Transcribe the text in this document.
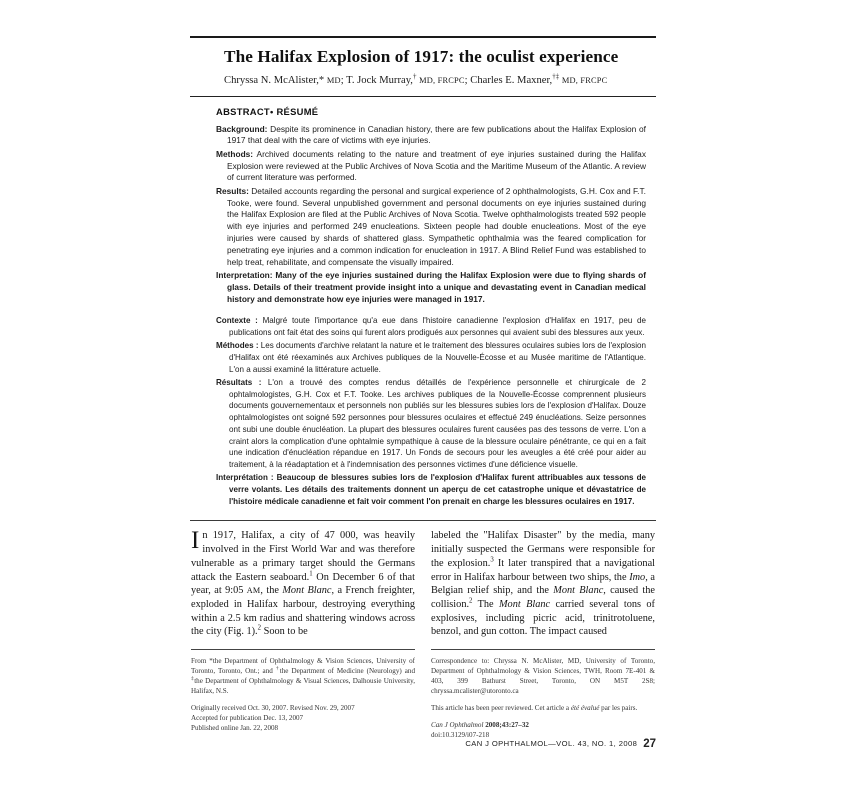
The Halifax Explosion of 1917: the oculist experience
Chryssa N. McAlister,* MD; T. Jock Murray,† MD, FRCPC; Charles E. Maxner,†‡ MD, FRCPC
ABSTRACT• RÉSUMÉ

Background: Despite its prominence in Canadian history, there are few publications about the Halifax Explosion of 1917 that deal with the care of victims with eye injuries.

Methods: Archived documents relating to the nature and treatment of eye injuries sustained during the Halifax Explosion were reviewed at the Public Archives of Nova Scotia and the Maritime Museum of the Atlantic. A review of current literature was performed.

Results: Detailed accounts regarding the personal and surgical experience of 2 ophthalmologists, G.H. Cox and F.T. Tooke, were found. Several unpublished government and personal documents on eye injuries sustained during the Halifax Explosion are filed at the Public Archives of Nova Scotia. Twelve ophthalmologists treated 592 people with eye injuries and performed 249 enucleations. Sixteen people had double enucleations. Most of the eye injuries were caused by shards of shattered glass. Sympathetic ophthalmia was the feared complication for penetrating eye injuries and a common indication for enucleation in 1917. A Blind Relief Fund was established to help treat, rehabilitate, and compensate the visually impaired.

Interpretation: Many of the eye injuries sustained during the Halifax Explosion were due to flying shards of glass. Details of their treatment provide insight into a unique and devastating event in Canadian medical history and demonstrate how eye injuries were managed in 1917.

Contexte : Malgré toute l'importance qu'a eue dans l'histoire canadienne l'explosion d'Halifax en 1917, peu de publications ont fait état des soins qui furent alors prodigués aux personnes qui avaient subi des blessures aux yeux.

Méthodes : Les documents d'archive relatant la nature et le traitement des blessures oculaires subies lors de l'explosion d'Halifax ont été réexaminés aux Archives publiques de la Nouvelle-Écosse et au Musée maritime de l'Atlantique. L'on a aussi examiné la littérature actuelle.

Résultats : L'on a trouvé des comptes rendus détaillés de l'expérience personnelle et chirurgicale de 2 ophtalmologistes, G.H. Cox et F.T. Tooke. Les archives publiques de la Nouvelle-Écosse comprennent plusieurs documents gouvernementaux et personnels non publiés sur les blessures subies lors de l'explosion d'Halifax. Douze ophtalmologistes ont soigné 592 personnes pour blessures oculaires et effectué 249 énucléations. Seize personnes ont subi une double énucléation. La plupart des blessures oculaires furent causées pas des tessons de verre. L'on a craint alors la complication d'une ophtalmie sympathique à cause de la blessure oculaire pénétrante, ce qui en a fait une indication d'énucléation répandue en 1917. Un Fonds de secours pour les aveugles a été créé pour aider au traitement, à la réadaptation et à l'indemnisation des personnes victimes d'une déficience visuelle.

Interprétation : Beaucoup de blessures subies lors de l'explosion d'Halifax furent attribuables aux tessons de verre volants. Les détails des traitements donnent un aperçu de cet catastrophe unique et dévastatrice de l'histoire médicale canadienne et fait voir comment l'on prenait en charge les blessures oculaires en 1917.

In 1917, Halifax, a city of 47 000, was heavily involved in the First World War and was therefore vulnerable as a primary target should the Germans attack the Eastern seaboard.$^1$ On December 6 of that year, at 9:05 AM, the Mont Blanc, a French freighter, exploded in Halifax harbour, destroying everything within a 2.5 km radius and shattering windows across the city (Fig. 1).$^2$ Soon to be

labeled the "Halifax Disaster" by the media, many initially suspected the Germans were responsible for the explosion.$^3$ It later transpired that a navigational error in Halifax harbour between two ships, the Imo, a Belgian relief ship, and the Mont Blanc, caused the collision.$^2$ The Mont Blanc carried several tons of explosives, including picric acid, trinitrotoluene, benzol, and gun cotton. The impact caused

From *the Department of Ophthalmology & Vision Sciences, University of Toronto, Toronto, Ont.; and †the Department of Medicine (Neurology) and ‡the Department of Ophthalmology & Visual Sciences, Dalhousie University, Halifax, N.S.

Originally received Oct. 30, 2007. Revised Nov. 29, 2007
Accepted for publication Dec. 13, 2007
Published online Jan. 22, 2008

Correspondence to: Chryssa N. McAlister, MD, University of Toronto, Department of Ophthalmology & Vision Sciences, TWH, Room 7E-401 & 403, 399 Bathurst Street, Toronto, ON M5T 2S8; chryssa.mcalister@utoronto.ca

This article has been peer reviewed. Cet article a été évalué par les pairs.

Can J Ophthalmol 2008;43:27–32
doi:10.3129/i07-218

CAN J OPHTHALMOL—VOL. 43, NO. 1, 2008 27
